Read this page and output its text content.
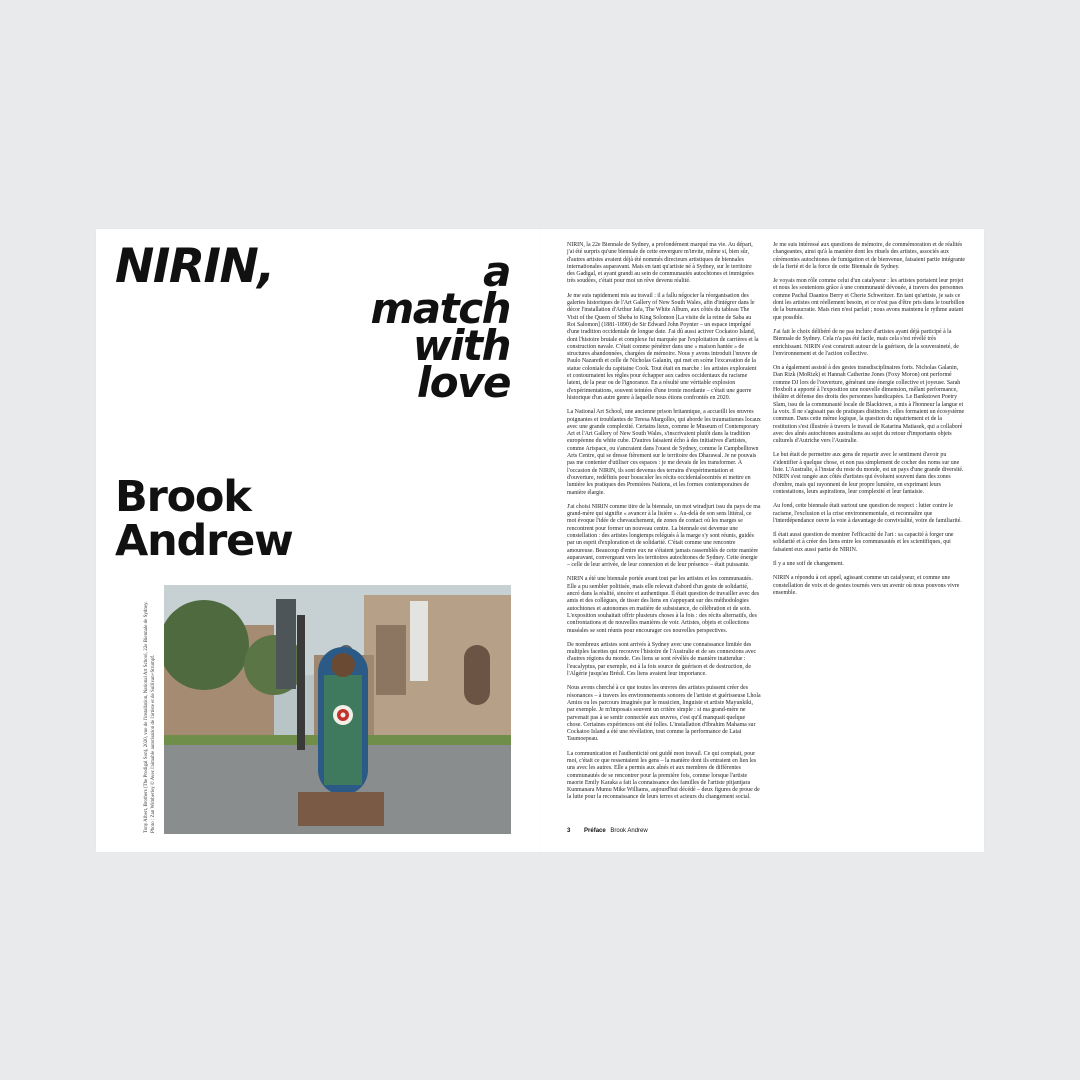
NIRIN,	a
match
with
love
Brook
Andrew
Tony Albert, Brothers (The Prodigal Son), 2020, vue de l'installation, National Art School, 22e Biennale de Sydney. Photo : Zan Wimberley © Avec l'aimable autorisation de l'artiste et de Sullivan+Strumpf.

NIRIN, la 22e Biennale de Sydney, a profondément marqué ma vie. Au départ, j'ai été surpris qu'une biennale de cette envergure m'invite, même si, bien sûr, d'autres artistes avaient déjà été nommés directeurs artistiques de biennales internationales auparavant. Mais en tant qu'artiste né à Sydney, sur le territoire des Gadigal, et ayant grandi au sein de communautés autochtones et immigrées très soudées, c'était pour moi un rêve devenu réalité.

Je me suis rapidement mis au travail : il a fallu négocier la réorganisation des galeries historiques de l'Art Gallery of New South Wales, afin d'intégrer dans le décor l'installation d'Arthur Jafa, The White Album, aux côtés du tableau The Visit of the Queen of Sheba to King Solomon [La visite de la reine de Saba au Roi Salomon] (1881-1890) de Sir Edward John Poynter – un espace imprégné d'une tradition occidentale de longue date. J'ai dû aussi activer Cockatoo Island, dont l'histoire brutale et complexe fut marquée par l'exploitation de carrières et la construction navale. C'était comme pénétrer dans une « maison hantée » de structures abandonnées, chargées de mémoire. Nous y avons introduit l'œuvre de Paulo Nazareth et celle de Nicholas Galanin, qui met en scène l'excavation de la statue coloniale du capitaine Cook. Tout était en marche : les artistes exploraient et contournaient les règles pour échapper aux cadres occidentaux du racisme latent, de la peur ou de l'ignorance. En a résulté une véritable explosion d'expérimentations, souvent teintées d'une ironie mordante – c'était une guerre historique d'un autre genre à laquelle nous étions confrontés en 2020.

La National Art School, une ancienne prison britannique, a accueilli les œuvres poignantes et troublantes de Teresa Margolles, qui aborde les traumatismes locaux avec une grande complexité. Certains lieux, comme le Museum of Contemporary Art et l'Art Gallery of New South Wales, s'inscrivaient plutôt dans la tradition européenne du white cube. D'autres faisaient écho à des initiatives d'artistes, comme Artspace, ou s'ancraient dans l'ouest de Sydney, comme le Campbelltown Arts Centre, qui se dresse fièrement sur le territoire des Dharawal. Je ne pouvais pas me contenter d'utiliser ces espaces : je me devais de les transformer. À l'occasion de NIRIN, ils sont devenus des terrains d'expérimentation et d'ouverture, redéfinis pour bousculer les récits occidentalocentrés et mettre en lumière les pratiques des Premières Nations, et les formes contemporaines de manière élargie.

J'ai choisi NIRIN comme titre de la biennale, un mot wiradjuri issu du pays de ma grand-mère qui signifie « avancer à la lisière ». Au-delà de son sens littéral, ce mot évoque l'idée de chevauchement, de zones de contact où les marges se rencontrent pour former un nouveau centre. La biennale est devenue une constellation : des artistes longtemps relégués à la marge s'y sont réunis, guidés par un esprit d'exploration et de solidarité. C'était comme une rencontre amoureuse. Beaucoup d'entre eux ne s'étaient jamais rassemblés de cette manière auparavant, convergeant vers les territoires autochtones de Sydney. Cette énergie – celle de leur arrivée, de leur connexion et de leur présence – était puissante.

NIRIN a été une biennale portée avant tout par les artistes et les communautés. Elle a pu sembler politisée, mais elle relevait d'abord d'un geste de solidarité, ancré dans la réalité, sincère et authentique. Il était question de travailler avec des amis et des collègues, de tisser des liens en s'appuyant sur des méthodologies autochtones et autonomes en matière de subsistance, de célébration et de soin. L'exposition souhaitait offrir plusieurs choses à la fois : des récits alternatifs, des confrontations et de nouvelles manières de voir. Artistes, objets et collections muséales se sont réunis pour encourager ces nouvelles perspectives.

De nombreux artistes sont arrivés à Sydney avec une connaissance limitée des multiples facettes qui recouvre l'histoire de l'Australie et de ses connexions avec d'autres régions du monde. Ces liens se sont révélés de manière inattendue : l'eucalyptus, par exemple, est à la fois source de guérison et de destruction, de l'Algérie jusqu'au Brésil. Ces liens avaient leur importance.

Nous avons cherché à ce que toutes les œuvres des artistes puissent créer des résonances – à travers les environnements sonores de l'artiste et guérisseuse Lhola Amira ou les parcours imaginés par le musicien, linguiste et artiste Mayunkiki, par exemple. Je m'imposais souvent un critère simple : si ma grand-mère ne parvenait pas à se sentir connectée aux œuvres, c'est qu'il manquait quelque chose. Certaines expériences ont été folles. L'installation d'Ibrahim Mahama sur Cockatoo Island a été une révélation, tout comme la performance de Latai Taumoepeau.

La communication et l'authenticité ont guidé mon travail. Ce qui comptait, pour moi, c'était ce que ressentaient les gens – la manière dont ils entraient en lien les uns avec les autres. Elle a permis aux aînés et aux membres de différentes communautés de se rencontrer pour la première fois, comme lorsque l'artiste maorie Emily Karaka a fait la connaissance des familles de l'artiste pitjantjara Kunmanara Mumu Mike Williams, aujourd'hui décédé – deux figures de proue de la lutte pour la reconnaissance de leurs terres et acteurs du changement social.

Je me suis intéressé aux questions de mémoire, de commémoration et de réalités changeantes, ainsi qu'à la manière dont les rituels des artistes, associés aux cérémonies autochtones de fumigation et de bienvenue, faisaient partie intégrante de la fierté et de la force de cette Biennale de Sydney.

Je voyais mon rôle comme celui d'un catalyseur : les artistes portaient leur projet et nous les soutenions grâce à une communauté dévouée, à travers des personnes comme Pachal Daantos Berry et Cherie Schweitzer. En tant qu'artiste, je sais ce dont les artistes ont réellement besoin, et ce n'est pas d'être pris dans le tourbillon de la bureaucratie. Mais rien n'est parfait ; nous avons maintenu le rythme autant que possible.

J'ai fait le choix délibéré de ne pas inclure d'artistes ayant déjà participé à la Biennale de Sydney. Cela n'a pas été facile, mais cela s'est révélé très enrichissant. NIRIN s'est construit autour de la guérison, de la souveraineté, de l'environnement et de l'action collective.

On a également assisté à des gestes transdisciplinaires forts. Nicholas Galanin, Dan Rizk (MoRizk) et Hannah Catherine Jones (Foxy Moron) ont performé comme DJ lors de l'ouverture, générant une énergie collective et joyeuse. Sarah Hoxbolt a apporté à l'exposition une nouvelle dimension, mêlant performance, théâtre et défense des droits des personnes handicapées. Le Bankstown Poetry Slam, issu de la communauté locale de Blacktown, a mis à l'honneur la langue et la voix. Il ne s'agissait pas de pratiques distinctes : elles formaient un écosystème commun. Dans cette même logique, la question du rapatriement et de la restitution s'est illustrée à travers le travail de Katarina Matiasek, qui a collaboré avec des aînés autochtones australiens au sujet du retour d'importants objets culturels d'Autriche vers l'Australie.

Le but était de permettre aux gens de repartir avec le sentiment d'avoir pu s'identifier à quelque chose, et non pas simplement de cocher des noms sur une liste. L'Australie, à l'instar du reste du monde, est un pays d'une grande diversité. NIRIN s'est rangée aux côtés d'artistes qui évoluent souvent dans des zones d'ombre, mais qui rayonnent de leur propre lumière, en exprimant leurs contestations, leurs aspirations, leur complexité et leur fantaisie.

Au fond, cette biennale était surtout une question de respect : lutter contre le racisme, l'exclusion et la crise environnementale, et reconnaître que l'interdépendance ouvre la voie à davantage de convivialité, voire de familiarité.

Il était aussi question de montrer l'efficacité de l'art : sa capacité à forger une solidarité et à créer des liens entre les communautés et les scientifiques, qui faisaient eux aussi partie de NIRIN.

Il y a une soif de changement.

NIRIN a répondu à cet appel, agissant comme un catalyseur, et comme une constellation de voix et de gestes tournés vers un avenir où nous pouvons vivre ensemble.

3 Préface Brook Andrew
